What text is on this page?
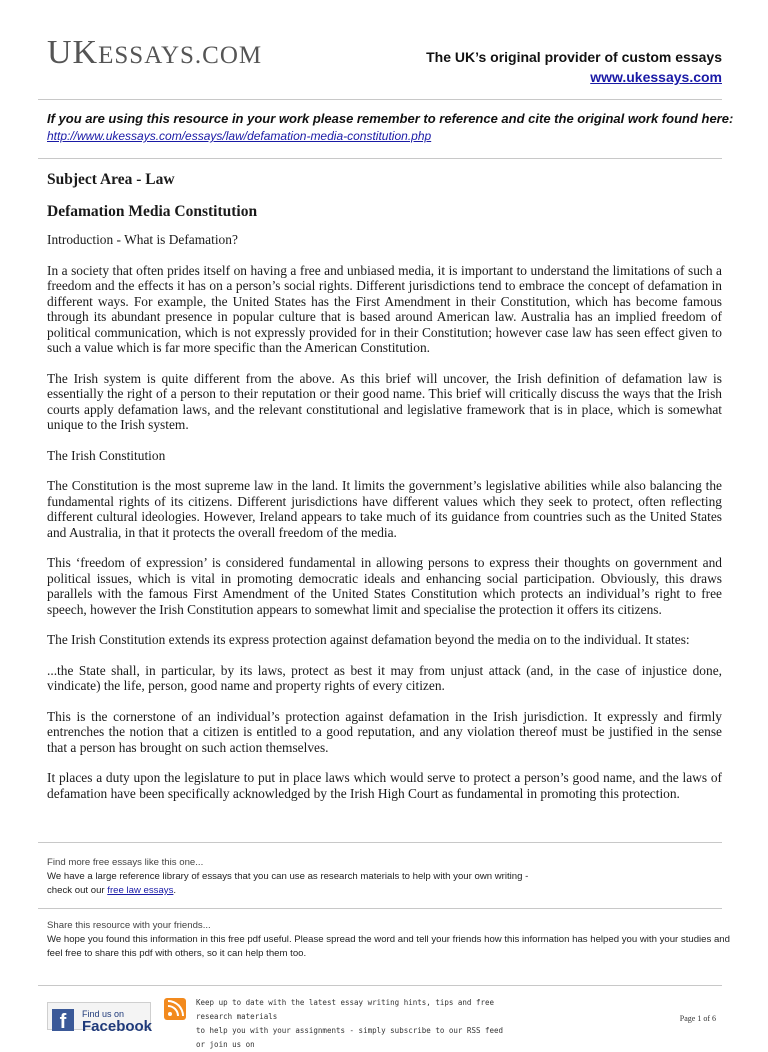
UKESSAYS.COM	The UK’s original provider of custom essays
www.ukessays.com
If you are using this resource in your work please remember to reference and cite the original work found here:
http://www.ukessays.com/essays/law/defamation-media-constitution.php
Subject Area - Law
Defamation Media Constitution

Introduction - What is Defamation?

In a society that often prides itself on having a free and unbiased media, it is important to understand the limitations of such a freedom and the effects it has on a person’s social rights. Different jurisdictions tend to embrace the concept of defamation in different ways. For example, the United States has the First Amendment in their Constitution, which has become famous through its abundant presence in popular culture that is based around American law. Australia has an implied freedom of political communication, which is not expressly provided for in their Constitution; however case law has seen effect given to such a value which is far more specific than the American Constitution.

The Irish system is quite different from the above. As this brief will uncover, the Irish definition of defamation law is essentially the right of a person to their reputation or their good name. This brief will critically discuss the ways that the Irish courts apply defamation laws, and the relevant constitutional and legislative framework that is in place, which is somewhat unique to the Irish system.

The Irish Constitution

The Constitution is the most supreme law in the land. It limits the government’s legislative abilities while also balancing the fundamental rights of its citizens. Different jurisdictions have different values which they seek to protect, often reflecting different cultural ideologies. However, Ireland appears to take much of its guidance from countries such as the United States and Australia, in that it protects the overall freedom of the media.

This ‘freedom of expression’ is considered fundamental in allowing persons to express their thoughts on government and political issues, which is vital in promoting democratic ideals and enhancing social participation. Obviously, this draws parallels with the famous First Amendment of the United States Constitution which protects an individual’s right to free speech, however the Irish Constitution appears to somewhat limit and specialise the protection it offers its citizens.

The Irish Constitution extends its express protection against defamation beyond the media on to the individual. It states:

...the State shall, in particular, by its laws, protect as best it may from unjust attack (and, in the case of injustice done, vindicate) the life, person, good name and property rights of every citizen.

This is the cornerstone of an individual’s protection against defamation in the Irish jurisdiction. It expressly and firmly entrenches the notion that a citizen is entitled to a good reputation, and any violation thereof must be justified in the sense that a person has brought on such action themselves.

It places a duty upon the legislature to put in place laws which would serve to protect a person’s good name, and the laws of defamation have been specifically acknowledged by the Irish High Court as fundamental in promoting this protection.

Find more free essays like this one...
We have a large reference library of essays that you can use as research materials to help with your own writing -
check out our free law essays.
Share this resource with your friends...
We hope you found this information in this free pdf useful. Please spread the word and tell your friends how this information has helped you with your studies and feel free to share this pdf with others, so it can help them too.
f	Find us on
Facebook
Keep up to date with the latest essay writing hints, tips and free research materials
to help you with your assignments - simply subscribe to our RSS feed or join us on
Page 1 of 6
